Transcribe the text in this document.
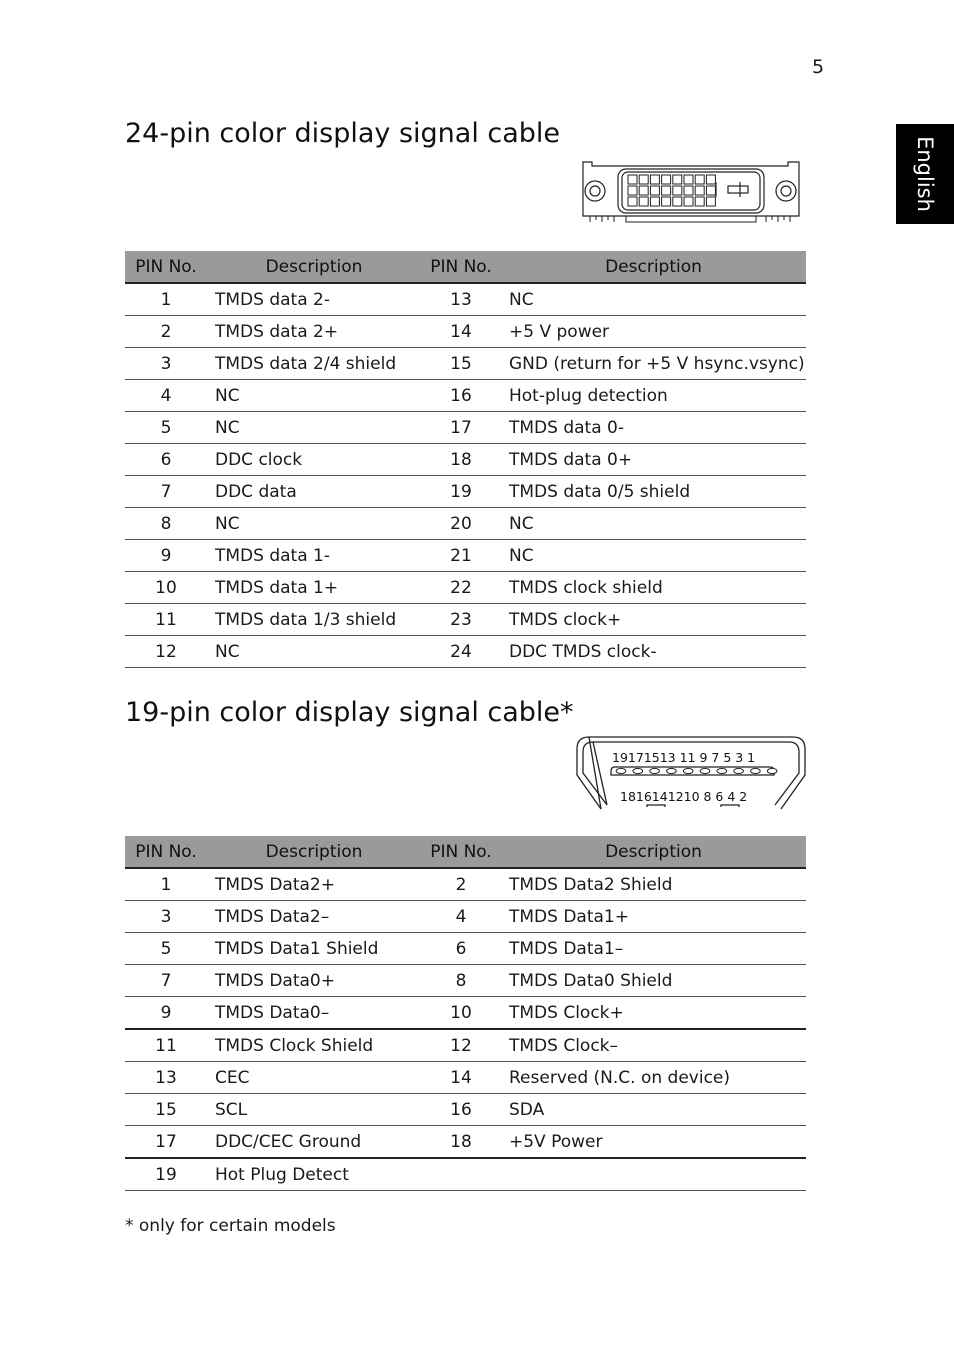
5
English
24-pin color display signal cable
PIN No.	Description	PIN No.	Description
1	TMDS data 2-	13	NC
2	TMDS data 2+	14	+5 V power
3	TMDS data 2/4 shield	15	GND (return for +5 V hsync.vsync)
4	NC	16	Hot-plug detection
5	NC	17	TMDS data 0-
6	DDC clock	18	TMDS data 0+
7	DDC data	19	TMDS data 0/5 shield
8	NC	20	NC
9	TMDS data 1-	21	NC
10	TMDS data 1+	22	TMDS clock shield
11	TMDS data 1/3 shield	23	TMDS clock+
12	NC	24	DDC TMDS clock-
19-pin color display signal cable*
19171513 11 9 7 5 3 1
1816141210 8 6 4 2
PIN No.	Description	PIN No.	Description
1	TMDS Data2+	2	TMDS Data2 Shield
3	TMDS Data2–	4	TMDS Data1+
5	TMDS Data1 Shield	6	TMDS Data1–
7	TMDS Data0+	8	TMDS Data0 Shield
9	TMDS Data0–	10	TMDS Clock+
11	TMDS Clock Shield	12	TMDS Clock–
13	CEC	14	Reserved (N.C. on device)
15	SCL	16	SDA
17	DDC/CEC Ground	18	+5V Power
19	Hot Plug Detect		
* only for certain models
